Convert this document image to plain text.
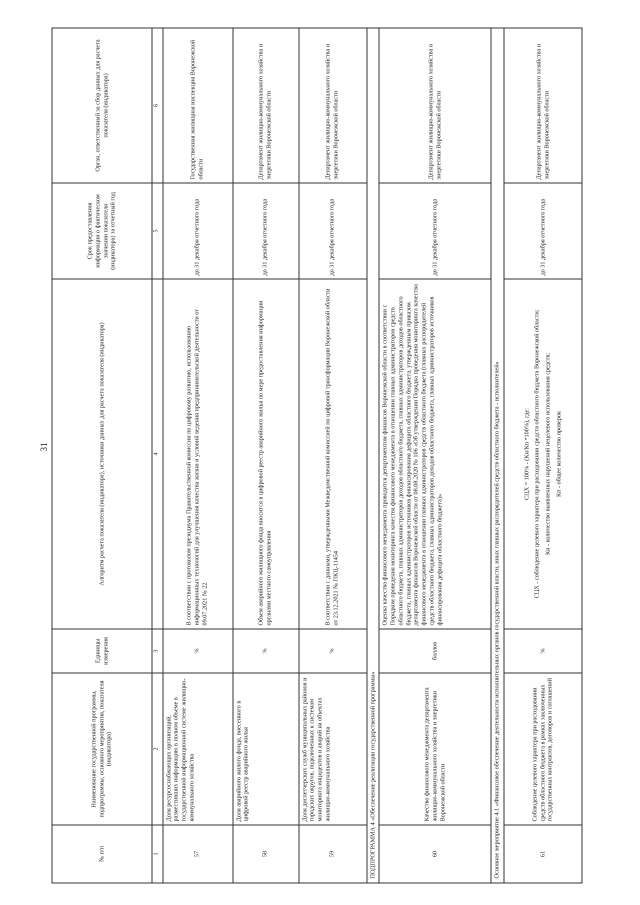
31
№ п/п	Наименование государственной программы, подпрограммы, основного мероприятия, показателя (индикатора)	Единицы измерения	Алгоритм расчета показателя (индикатора), источники данных для расчета показателя (индикатора)	Срок предоставления информации о фактическом значении показателя (индикатора) за отчетный год	Орган, ответственный за сбор данных для расчета показателя (индикатора)
1	2	3	4	5	6
57	Доля ресурсоснабжающих организаций, разместивших информацию в полном объеме в государственной информационной системе жилищно-коммунального хозяйства	%	В соответствии с протоколом президиума Правительственной комиссии по цифровому развитию, использованию информационных технологий для улучшения качества жизни и условий ведения предпринимательской деятельности от 09.07.2021 № 22	до 31 декабря отчетного года	Государственная жилищная инспекция Воронежской области
58	Доля аварийного жилого фонда, внесенного в цифровой реестр аварийного жилья	%	Объем аварийного жилищного фонда вносится в цифровой реестр аварийного жилья по мере предоставления информации органами местного самоуправления	до 31 декабря отчетного года	Департамент жилищно-коммунального хозяйства и энергетики Воронежской области
59	Доля диспетчерских служб муниципальных районов и городских округов, подключенных к системам мониторинга инцидентов и аварий на объектах жилищно-коммунального хозяйства	%	В соответствии с данными, утвержденными Межведомственной комиссией по цифровой трансформации Воронежской области от 23.12.2021 № ПКЦ-11454	до 31 декабря отчетного года	Департамент жилищно-коммунального хозяйства и энергетики Воронежской области
ПОДПРОГРАММА 4 «Обеспечение реализации государственной программы»					
60	Качество финансового менеджмента департамента жилищно-коммунального хозяйства и энергетики Воронежской области	баллов	Оценка качества финансового менеджмента проводится департаментом финансов Воронежской области в соответствии с Порядком проведения мониторинга качества финансового менеджмента в отношении главных администраторов средств областного бюджета, главных администраторов доходов областного бюджета, главных администраторов доходов областного бюджета, главных администраторов источников финансирования дефицита областного бюджета, утвержденным приказом департамента финансов Воронежской области от 08.08.2020 № 106 «Об утверждении Порядка проведения мониторинга качества финансового менеджмента в отношении главных администраторов средств областного бюджета (главных распорядителей средств областного бюджета, главных администраторов доходов областного бюджета, главных администраторов источников финансирования дефицита областного бюджета)»	до 31 декабря отчетного года	Департамент жилищно-коммунального хозяйства и энергетики Воронежской области
Основное мероприятие 4.1 «Финансовое обеспечение деятельности исполнительных органов государственной власти, иных главных распорядителей средств областного бюджета - исполнителей»					
61	Соблюдение целевого характера при расходовании средств областного бюджета в рамках заключенных государственных контрактов, договоров и соглашений	%	СЦХ = 100% - (Кн/Кп *100%), где: СЦХ - соблюдение целевого характера при расходовании средств областного бюджета Воронежской области; Кн - количество выявленных нарушений нецелевого использования средств; Кп - общее количество проверок	до 31 декабря отчетного года	Департамент жилищно-коммунального хозяйства и энергетики Воронежской области
